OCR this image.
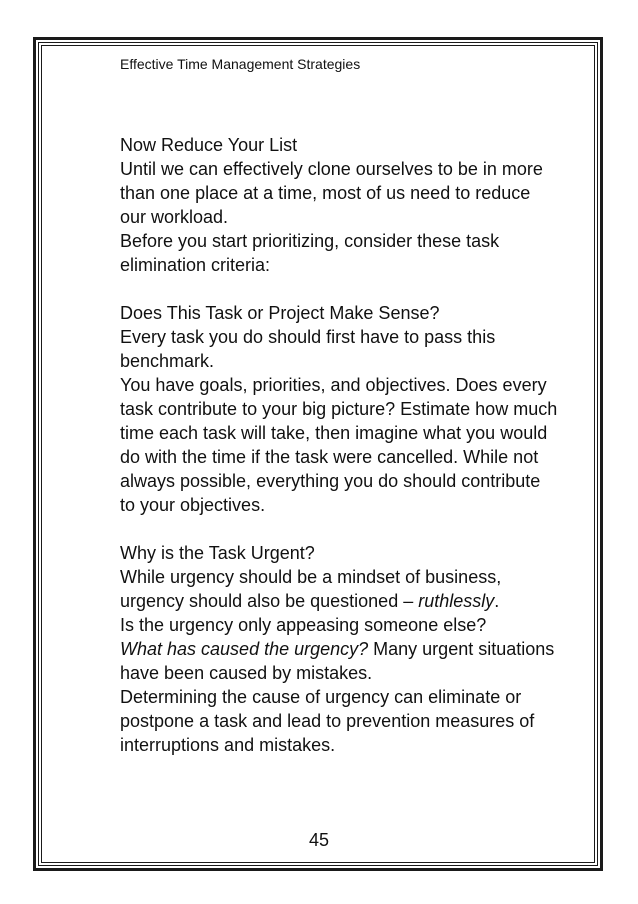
Effective Time Management Strategies

Now Reduce Your List

Until we can effectively clone ourselves to be in more than one place at a time, most of us need to reduce our workload.

Before you start prioritizing, consider these task elimination criteria:

Does This Task or Project Make Sense?

Every task you do should first have to pass this benchmark.

You have goals, priorities, and objectives. Does every task contribute to your big picture? Estimate how much time each task will take, then imagine what you would do with the time if the task were cancelled. While not always possible, everything you do should contribute to your objectives.

Why is the Task Urgent?

While urgency should be a mindset of business, urgency should also be questioned – ruthlessly.

Is the urgency only appeasing someone else?

What has caused the urgency? Many urgent situations have been caused by mistakes.

Determining the cause of urgency can eliminate or postpone a task and lead to prevention measures of interruptions and mistakes.

45
